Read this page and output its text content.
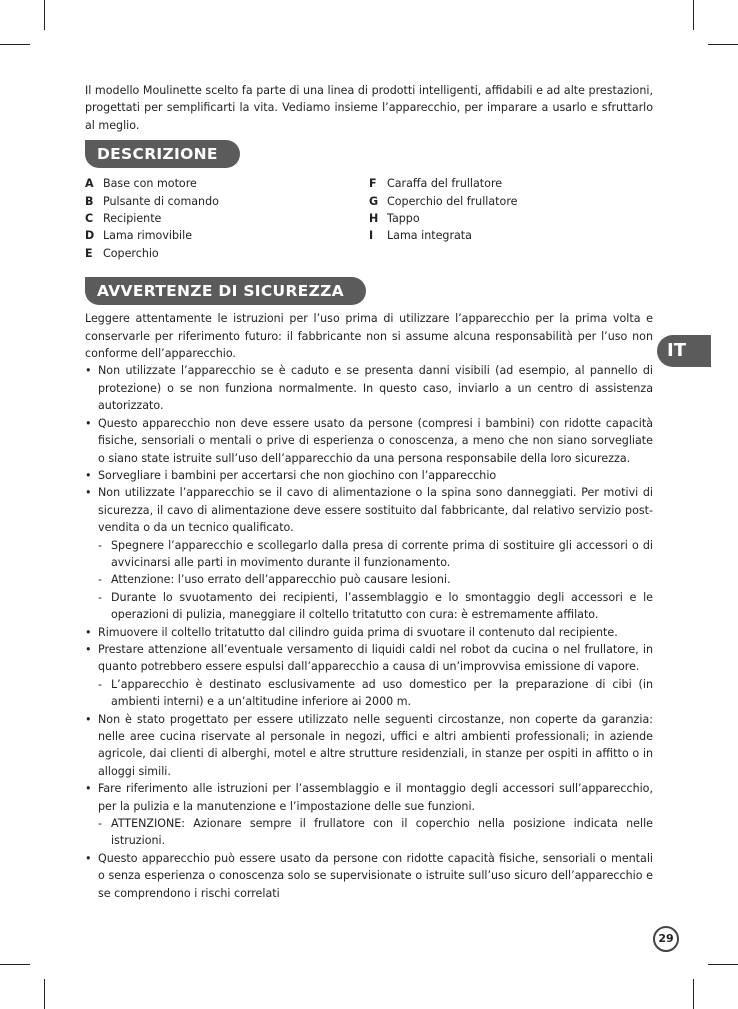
Il modello Moulinette scelto fa parte di una linea di prodotti intelligenti, affidabili e ad alte prestazioni, progettati per semplificarti la vita. Vediamo insieme l’apparecchio, per imparare a usarlo e sfruttarlo al meglio.

DESCRIZIONE
A Base con motore
B Pulsante di comando
C Recipiente
D Lama rimovibile
E Coperchio
F Caraffa del frullatore
G Coperchio del frullatore
H Tappo
I	Lama integrata
AVVERTENZE DI SICUREZZA

Leggere attentamente le istruzioni per l’uso prima di utilizzare l’apparecchio per la prima volta e conservarle per riferimento futuro: il fabbricante non si assume alcuna responsabilità per l’uso non conforme dell’apparecchio.

• Non utilizzate l’apparecchio se è caduto e se presenta danni visibili (ad esempio, al pannello di protezione) o se non funziona normalmente. In questo caso, inviarlo a un centro di assistenza autorizzato.
• Questo apparecchio non deve essere usato da persone (compresi i bambini) con ridotte capacità fisiche, sensoriali o mentali o prive di esperienza o conoscenza, a meno che non siano sorvegliate o siano state istruite sull’uso dell’apparecchio da una persona responsabile della loro sicurezza.
• Sorvegliare i bambini per accertarsi che non giochino con l’apparecchio
• Non utilizzate l’apparecchio se il cavo di alimentazione o la spina sono danneggiati. Per motivi di sicurezza, il cavo di alimentazione deve essere sostituito dal fabbricante, dal relativo servizio post-vendita o da un tecnico qualificato.
- Spegnere l’apparecchio e scollegarlo dalla presa di corrente prima di sostituire gli accessori o di avvicinarsi alle parti in movimento durante il funzionamento.
- Attenzione: l’uso errato dell’apparecchio può causare lesioni.
- Durante lo svuotamento dei recipienti, l’assemblaggio e lo smontaggio degli accessori e le operazioni di pulizia, maneggiare il coltello tritatutto con cura: è estremamente affilato.
• Rimuovere il coltello tritatutto dal cilindro guida prima di svuotare il contenuto dal recipiente.
• Prestare attenzione all’eventuale versamento di liquidi caldi nel robot da cucina o nel frullatore, in quanto potrebbero essere espulsi dall’apparecchio a causa di un’improvvisa emissione di vapore.
- L’apparecchio è destinato esclusivamente ad uso domestico per la preparazione di cibi (in ambienti interni) e a un’altitudine inferiore ai 2000 m.
• Non è stato progettato per essere utilizzato nelle seguenti circostanze, non coperte da garanzia: nelle aree cucina riservate al personale in negozi, uffici e altri ambienti professionali; in aziende agricole, dai clienti di alberghi, motel e altre strutture residenziali, in stanze per ospiti in affitto o in alloggi simili.
• Fare riferimento alle istruzioni per l’assemblaggio e il montaggio degli accessori sull’apparecchio, per la pulizia e la manutenzione e l’impostazione delle sue funzioni.
- ATTENZIONE: Azionare sempre il frullatore con il coperchio nella posizione indicata nelle istruzioni.
• Questo apparecchio può essere usato da persone con ridotte capacità fisiche, sensoriali o mentali o senza esperienza o conoscenza solo se supervisionate o istruite sull’uso sicuro dell’apparecchio e se comprendono i rischi correlati
IT
29
